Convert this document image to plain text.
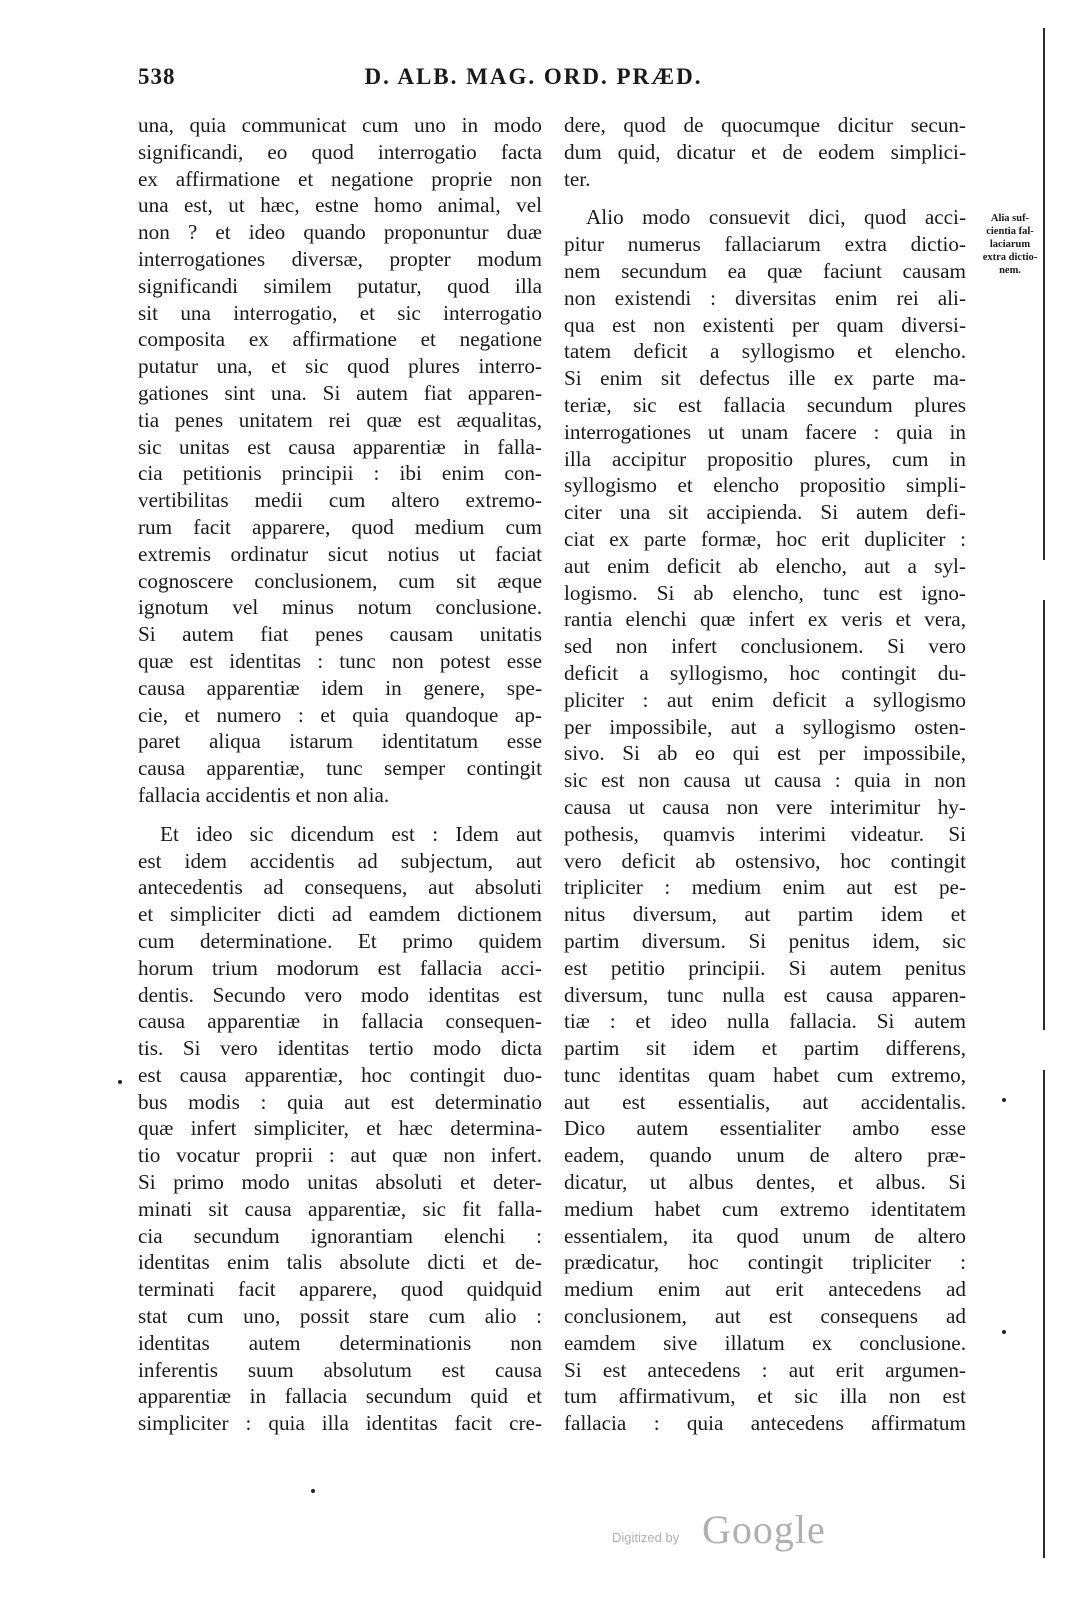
538	D. ALB. MAG. ORD. PRÆD.
una, quia communicat cum uno in modo
significandi, eo quod interrogatio facta
ex affirmatione et negatione proprie non
una est, ut hæc, estne homo animal, vel
non ? et ideo quando proponuntur duæ
interrogationes diversæ, propter modum
significandi similem putatur, quod illa
sit una interrogatio, et sic interrogatio
composita ex affirmatione et negatione
putatur una, et sic quod plures interro-
gationes sint una. Si autem fiat apparen-
tia penes unitatem rei quæ est æqualitas,
sic unitas est causa apparentiæ in falla-
cia petitionis principii : ibi enim con-
vertibilitas medii cum altero extremo-
rum facit apparere, quod medium cum
extremis ordinatur sicut notius ut faciat
cognoscere conclusionem, cum sit æque
ignotum vel minus notum conclusione.
Si autem fiat penes causam unitatis
quæ est identitas : tunc non potest esse
causa apparentiæ idem in genere, spe-
cie, et numero : et quia quandoque ap-
paret aliqua istarum identitatum esse
causa apparentiæ, tunc semper contingit
fallacia accidentis et non alia.
Et ideo sic dicendum est : Idem aut
est idem accidentis ad subjectum, aut
antecedentis ad consequens, aut absoluti
et simpliciter dicti ad eamdem dictionem
cum determinatione. Et primo quidem
horum trium modorum est fallacia acci-
dentis. Secundo vero modo identitas est
causa apparentiæ in fallacia consequen-
tis. Si vero identitas tertio modo dicta
est causa apparentiæ, hoc contingit duo-
bus modis : quia aut est determinatio
quæ infert simpliciter, et hæc determina-
tio vocatur proprii : aut quæ non infert.
Si primo modo unitas absoluti et deter-
minati sit causa apparentiæ, sic fit falla-
cia secundum ignorantiam elenchi :
identitas enim talis absolute dicti et de-
terminati facit apparere, quod quidquid
stat cum uno, possit stare cum alio :
identitas autem determinationis non
inferentis suum absolutum est causa
apparentiæ in fallacia secundum quid et
simpliciter : quia illa identitas facit cre-
dere, quod de quocumque dicitur secun-
dum quid, dicatur et de eodem simplici-
ter.
Alio modo consuevit dici, quod acci-
pitur numerus fallaciarum extra dictio-
nem secundum ea quæ faciunt causam
non existendi : diversitas enim rei ali-
qua est non existenti per quam diversi-
tatem deficit a syllogismo et elencho.
Si enim sit defectus ille ex parte ma-
teriæ, sic est fallacia secundum plures
interrogationes ut unam facere : quia in
illa accipitur propositio plures, cum in
syllogismo et elencho propositio simpli-
citer una sit accipienda. Si autem defi-
ciat ex parte formæ, hoc erit dupliciter :
aut enim deficit ab elencho, aut a syl-
logismo. Si ab elencho, tunc est igno-
rantia elenchi quæ infert ex veris et vera,
sed non infert conclusionem. Si vero
deficit a syllogismo, hoc contingit du-
pliciter : aut enim deficit a syllogismo
per impossibile, aut a syllogismo osten-
sivo. Si ab eo qui est per impossibile,
sic est non causa ut causa : quia in non
causa ut causa non vere interimitur hy-
pothesis, quamvis interimi videatur. Si
vero deficit ab ostensivo, hoc contingit
tripliciter : medium enim aut est pe-
nitus diversum, aut partim idem et
partim diversum. Si penitus idem, sic
est petitio principii. Si autem penitus
diversum, tunc nulla est causa apparen-
tiæ : et ideo nulla fallacia. Si autem
partim sit idem et partim differens,
tunc identitas quam habet cum extremo,
aut est essentialis, aut accidentalis.
Dico autem essentialiter ambo esse
eadem, quando unum de altero præ-
dicatur, ut albus dentes, et albus. Si
medium habet cum extremo identitatem
essentialem, ita quod unum de altero
prædicatur, hoc contingit tripliciter :
medium enim aut erit antecedens ad
conclusionem, aut est consequens ad
eamdem sive illatum ex conclusione.
Si est antecedens : aut erit argumen-
tum affirmativum, et sic illa non est
fallacia : quia antecedens affirmatum
Alia suf-
cientia fal-
laciarum
extra dictio-
nem.
Digitized by Google
